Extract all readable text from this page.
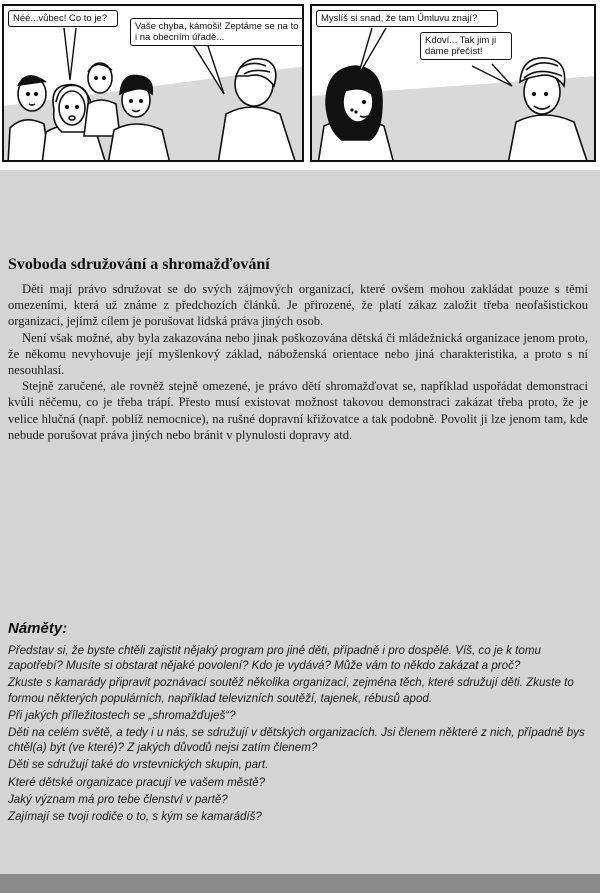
Néé...vůbec! Co to je?
Vaše chyba, kámoši! Zeptáme se na to i na obecním úřadě...
Myslíš si snad, že tam Úmluvu znají?
Kdoví... Tak jim ji dáme přečíst!
Svoboda sdružování a shromažďování

Děti mají právo sdružovat se do svých zájmových organizací, které ovšem mohou zakládat pouze s těmi omezeními, která už známe z předchozích článků. Je přirozené, že platí zákaz založit třeba neofašistickou organizaci, jejímž cílem je porušovat lidská práva jiných osob.

Není však možné, aby byla zakazována nebo jinak poškozována dětská či mládežnická organizace jenom proto, že někomu nevyhovuje její myšlenkový základ, náboženská orientace nebo jiná charakteristika, a proto s ní nesouhlasí.

Stejně zaručené, ale rovněž stejně omezené, je právo dětí shromažďovat se, například uspořádat demonstraci kvůli něčemu, co je třeba trápí. Přesto musí existovat možnost takovou demonstraci zakázat třeba proto, že je velice hlučná (např. poblíž nemocnice), na rušné dopravní křižovatce a tak podobně. Povolit ji lze jenom tam, kde nebude porušovat práva jiných nebo bránit v plynulosti dopravy atd.

Náměty:

Představ si, že byste chtěli zajistit nějaký program pro jiné děti, případně i pro dospělé. Víš, co je k tomu zapotřebí? Musíte si obstarat nějaké povolení? Kdo je vydává? Může vám to někdo zakázat a proč?

Zkuste s kamarády připravit poznávací soutěž několika organizací, zejména těch, které sdružují děti. Zkuste to formou některých populárních, například televizních soutěží, tajenek, rébusů apod.

Při jakých příležitostech se „shromažďuješ“?

Děti na celém světě, a tedy i u nás, se sdružují v dětských organizacích. Jsi členem některé z nich, případně bys chtěl(a) být (ve které)? Z jakých důvodů nejsi zatím členem?

Děti se sdružují také do vrstevnických skupin, part.

Které dětské organizace pracují ve vašem městě?

Jaký význam má pro tebe členství v partě?

Zajímají se tvoji rodiče o to, s kým se kamarádíš?
